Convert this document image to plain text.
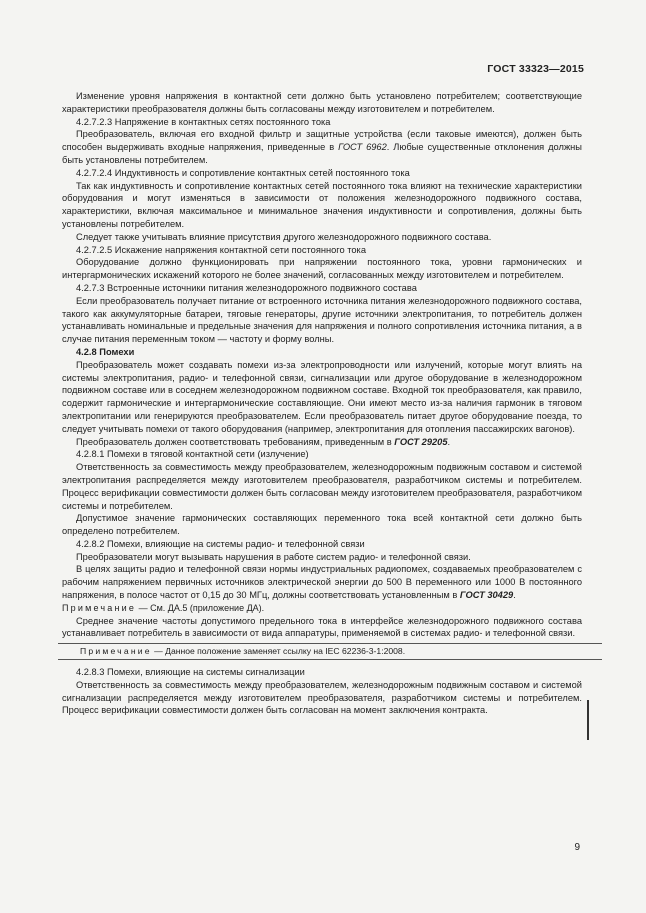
ГОСТ 33323—2015

Изменение уровня напряжения в контактной сети должно быть установлено потребителем; соответствующие характеристики преобразователя должны быть согласованы между изготовителем и потребителем.

4.2.7.2.3 Напряжение в контактных сетях постоянного тока

Преобразователь, включая его входной фильтр и защитные устройства (если таковые имеются), должен быть способен выдерживать входные напряжения, приведенные в ГОСТ 6962. Любые существенные отклонения должны быть установлены потребителем.

4.2.7.2.4 Индуктивность и сопротивление контактных сетей постоянного тока

Так как индуктивность и сопротивление контактных сетей постоянного тока влияют на технические характеристики оборудования и могут изменяться в зависимости от положения железнодорожного подвижного состава, характеристики, включая максимальное и минимальное значения индуктивности и сопротивления, должны быть установлены потребителем.

Следует также учитывать влияние присутствия другого железнодорожного подвижного состава.

4.2.7.2.5 Искажение напряжения контактной сети постоянного тока

Оборудование должно функционировать при напряжении постоянного тока, уровни гармонических и интергармонических искажений которого не более значений, согласованных между изготовителем и потребителем.

4.2.7.3 Встроенные источники питания железнодорожного подвижного состава

Если преобразователь получает питание от встроенного источника питания железнодорожного подвижного состава, такого как аккумуляторные батареи, тяговые генераторы, другие источники электропитания, то потребитель должен устанавливать номинальные и предельные значения для напряжения и полного сопротивления источника питания, а в случае питания переменным током — частоту и форму волны.

4.2.8 Помехи

Преобразователь может создавать помехи из-за электропроводности или излучений, которые могут влиять на системы электропитания, радио- и телефонной связи, сигнализации или другое оборудование в железнодорожном подвижном составе или в соседнем железнодорожном подвижном составе. Входной ток преобразователя, как правило, содержит гармонические и интергармонические составляющие. Они имеют место из-за наличия гармоник в тяговом электропитании или генерируются преобразователем. Если преобразователь питает другое оборудование поезда, то следует учитывать помехи от такого оборудования (например, электропитания для отопления пассажирских вагонов).

Преобразователь должен соответствовать требованиям, приведенным в ГОСТ 29205.

4.2.8.1 Помехи в тяговой контактной сети (излучение)

Ответственность за совместимость между преобразователем, железнодорожным подвижным составом и системой электропитания распределяется между изготовителем преобразователя, разработчиком системы и потребителем. Процесс верификации совместимости должен быть согласован между изготовителем преобразователя, разработчиком системы и потребителем.

Допустимое значение гармонических составляющих переменного тока всей контактной сети должно быть определено потребителем.

4.2.8.2 Помехи, влияющие на системы радио- и телефонной связи

Преобразователи могут вызывать нарушения в работе систем радио- и телефонной связи.

В целях защиты радио и телефонной связи нормы индустриальных радиопомех, создаваемых преобразователем с рабочим напряжением первичных источников электрической энергии до 500 В переменного или 1000 В постоянного напряжения, в полосе частот от 0,15 до 30 МГц, должны соответствовать установленным в ГОСТ 30429.

Примечание — См. ДА.5 (приложение ДА).

Среднее значение частоты допустимого предельного тока в интерфейсе железнодорожного подвижного состава устанавливает потребитель в зависимости от вида аппаратуры, применяемой в системах радио- и телефонной связи.

Примечание — Данное положение заменяет ссылку на IEC 62236-3-1:2008.

4.2.8.3 Помехи, влияющие на системы сигнализации

Ответственность за совместимость между преобразователем, железнодорожным подвижным составом и системой сигнализации распределяется между изготовителем преобразователя, разработчиком системы и потребителем. Процесс верификации совместимости должен быть согласован на момент заключения контракта.

9
